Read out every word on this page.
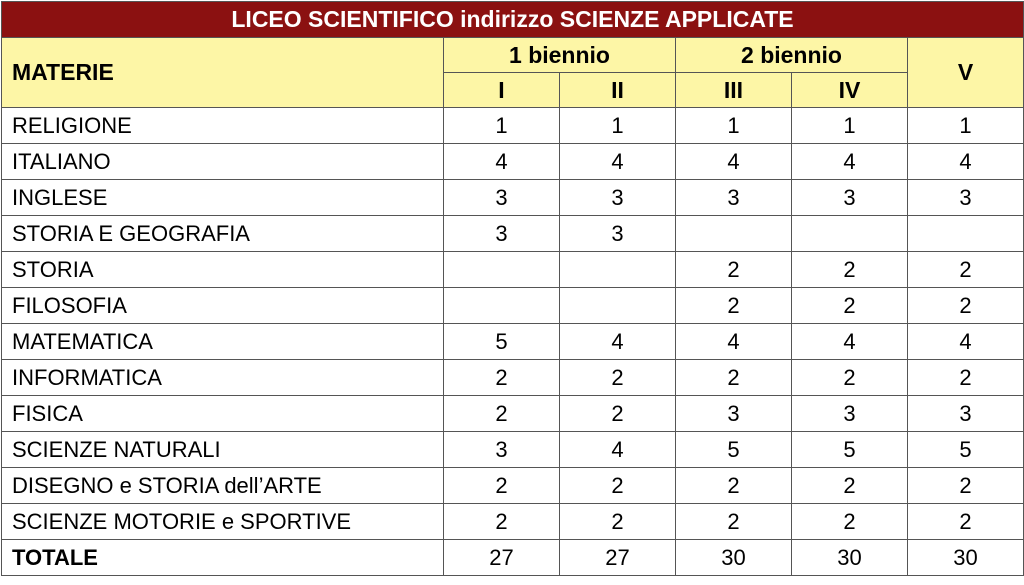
LICEO SCIENTIFICO indirizzo SCIENZE APPLICATE					
MATERIE	1 biennio		2 biennio		V
	I	II	III	IV	
RELIGIONE	1	1	1	1	1
ITALIANO	4	4	4	4	4
INGLESE	3	3	3	3	3
STORIA E GEOGRAFIA	3	3			
STORIA			2	2	2
FILOSOFIA			2	2	2
MATEMATICA	5	4	4	4	4
INFORMATICA	2	2	2	2	2
FISICA	2	2	3	3	3
SCIENZE NATURALI	3	4	5	5	5
DISEGNO e STORIA dell’ARTE	2	2	2	2	2
SCIENZE MOTORIE e SPORTIVE	2	2	2	2	2
TOTALE	27	27	30	30	30
